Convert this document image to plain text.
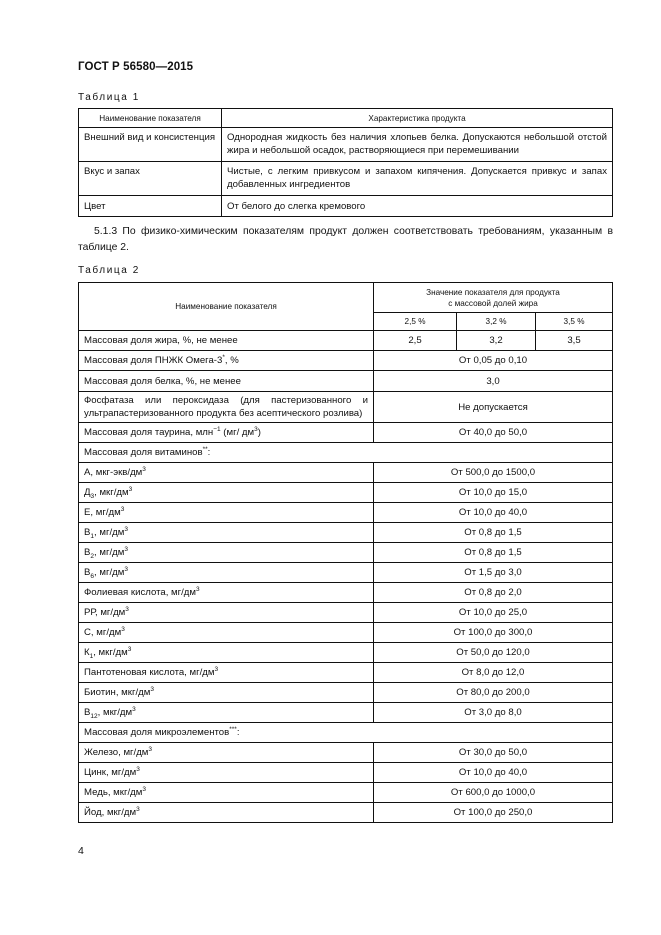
ГОСТ Р 56580—2015
Таблица 1
Наименование показателя	Характеристика продукта
Внешний вид и консистенция	Однородная жидкость без наличия хлопьев белка. Допускаются небольшой отстой жира и небольшой осадок, растворяющиеся при перемешивании
Вкус и запах	Чистые, с легким привкусом и запахом кипячения. Допускается привкус и запах добавленных ингредиентов
Цвет	От белого до слегка кремового
5.1.3 По физико-химическим показателям продукт должен соответствовать требованиям, указанным в таблице 2.
Таблица 2
Наименование показателя	Значение показателя для продукта
с массовой долей жира		
	2,5 %	3,2 %	3,5 %
Массовая доля жира, %, не менее	2,5	3,2	3,5
Массовая доля ПНЖК Омега-3*, %	От 0,05 до 0,10		
Массовая доля белка, %, не менее	3,0		
Фосфатаза или пероксидаза (для пастеризованного и ультрапастеризованного продукта без асептического розлива)	Не допускается		
Массовая доля таурина, млн$^{-1}$ (мг/ $дм^3$)	От 40,0 до 50,0		
Массовая доля витаминов**:			
А, мкг-$экв/дм^3$	От 500,0 до 1500,0		
$Д_3$, мкг/$дм^3$	От 10,0 до 15,0		
Е, $мг/дм^3$	От 10,0 до 40,0		
$В_1$, $мг/дм^3$	От 0,8 до 1,5		
$В_2$, $мг/дм^3$	От 0,8 до 1,5		
$В_6$, $мг/дм^3$	От 1,5 до 3,0		
Фолиевая кислота, $мг/дм^3$	От 0,8 до 2,0		
РР, $мг/дм^3$	От 10,0 до 25,0		
С, $мг/дм^3$	От 100,0 до 300,0		
$К_1$, мкг/$дм^3$	От 50,0 до 120,0		
Пантотеновая кислота, $мг/дм^3$	От 8,0 до 12,0		
Биотин, мкг/$дм^3$	От 80,0 до 200,0		
$В_{12}$, мкг/$дм^3$	От 3,0 до 8,0		
Массовая доля микроэлементов***:			
Железо, $мг/дм^3$	От 30,0 до 50,0		
Цинк, $мг/дм^3$	От 10,0 до 40,0		
Медь, мкг/$дм^3$	От 600,0 до 1000,0		
Йод, мкг/$дм^3$	От 100,0 до 250,0		
4
